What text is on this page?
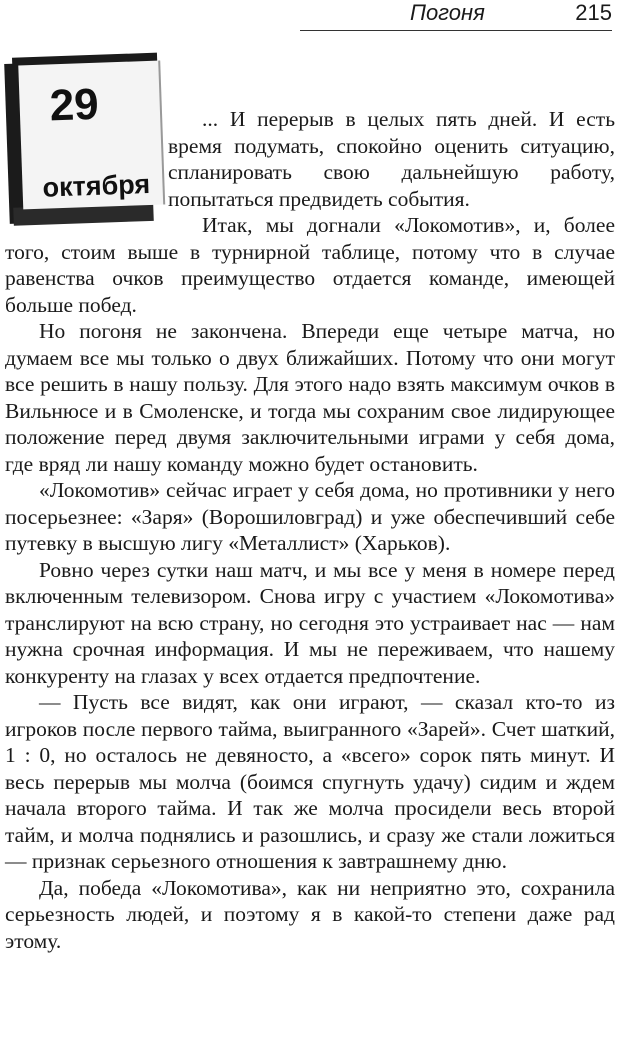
Погоня	215
29
октября

... И перерыв в целых пять дней. И есть время подумать, спокойно оценить ситуацию, спланировать свою дальнейшую работу, попытаться предвидеть события.

Итак, мы догнали «Локомотив», и, более того, стоим выше в турнирной таблице, потому что в случае равенства очков преимущество отдается команде, имеющей больше побед.

Но погоня не закончена. Впереди еще четыре матча, но думаем все мы только о двух ближайших. Потому что они могут все решить в нашу пользу. Для этого надо взять максимум очков в Вильнюсе и в Смоленске, и тогда мы сохраним свое лидирующее положение перед двумя заключительными играми у себя дома, где вряд ли нашу команду можно будет остановить.

«Локомотив» сейчас играет у себя дома, но противники у него посерьезнее: «Заря» (Ворошиловград) и уже обеспечивший себе путевку в высшую лигу «Металлист» (Харьков).

Ровно через сутки наш матч, и мы все у меня в номере перед включенным телевизором. Снова игру с участием «Локомотива» транслируют на всю страну, но сегодня это устраивает нас — нам нужна срочная информация. И мы не переживаем, что нашему конкуренту на глазах у всех отдается предпочтение.

— Пусть все видят, как они играют, — сказал кто-то из игроков после первого тайма, выигранного «Зарей». Счет шаткий, 1 : 0, но осталось не девяносто, а «всего» сорок пять минут. И весь перерыв мы молча (боимся спугнуть удачу) сидим и ждем начала второго тайма. И так же молча просидели весь второй тайм, и молча поднялись и разошлись, и сразу же стали ложиться — признак серьезного отношения к завтрашнему дню.

Да, победа «Локомотива», как ни неприятно это, сохранила серьезность людей, и поэтому я в какой-то степени даже рад этому.
